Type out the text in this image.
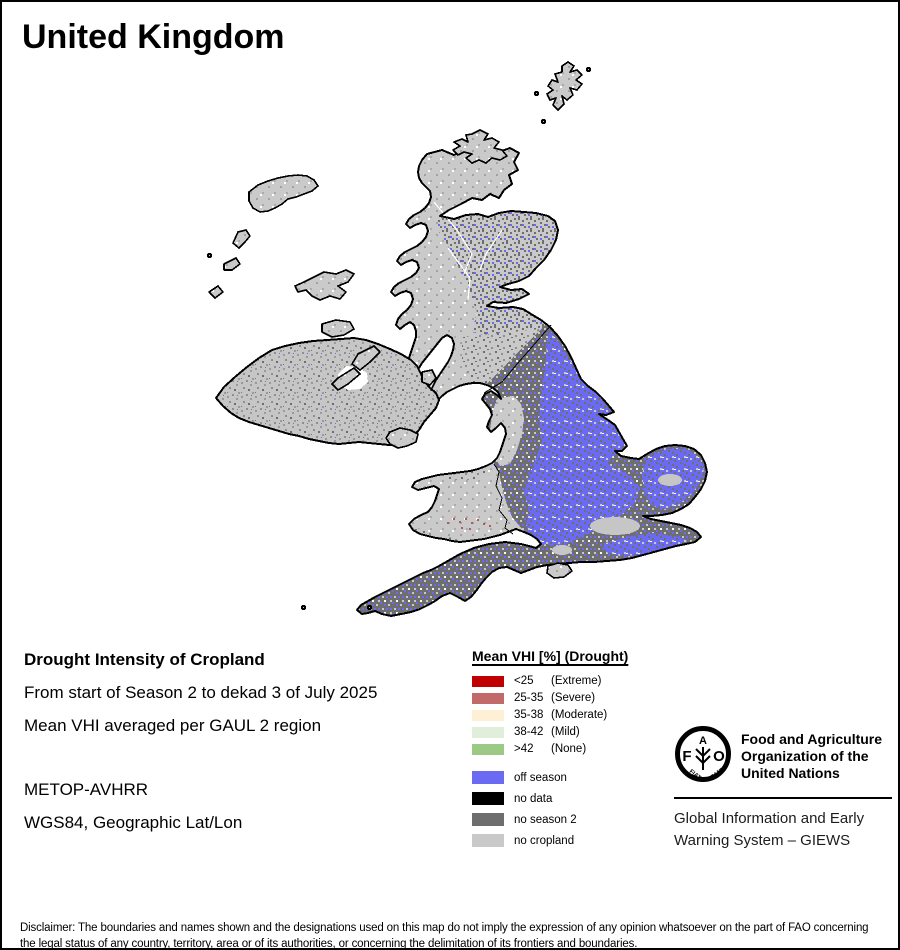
United Kingdom

Drought Intensity of Cropland

From start of Season 2 to dekad 3 of July 2025

Mean VHI averaged per GAUL 2 region

METOP-AVHRR

WGS84, Geographic Lat/Lon

Mean VHI [%] (Drought)

<25 (Extreme)
25-35 (Severe)
35-38 (Moderate)
38-42 (Mild)
>42 (None)
off season
no data
no season 2
no cropland
F
A
O
FIAT PANIS
Food and Agriculture
Organization of the
United Nations
Global Information and Early
Warning System – GIEWS

Disclaimer: The boundaries and names shown and the designations used on this map do not imply the expression of any opinion whatsoever on the part of FAO concerning the legal status of any country, territory, area or of its authorities, or concerning the delimitation of its frontiers and boundaries.
